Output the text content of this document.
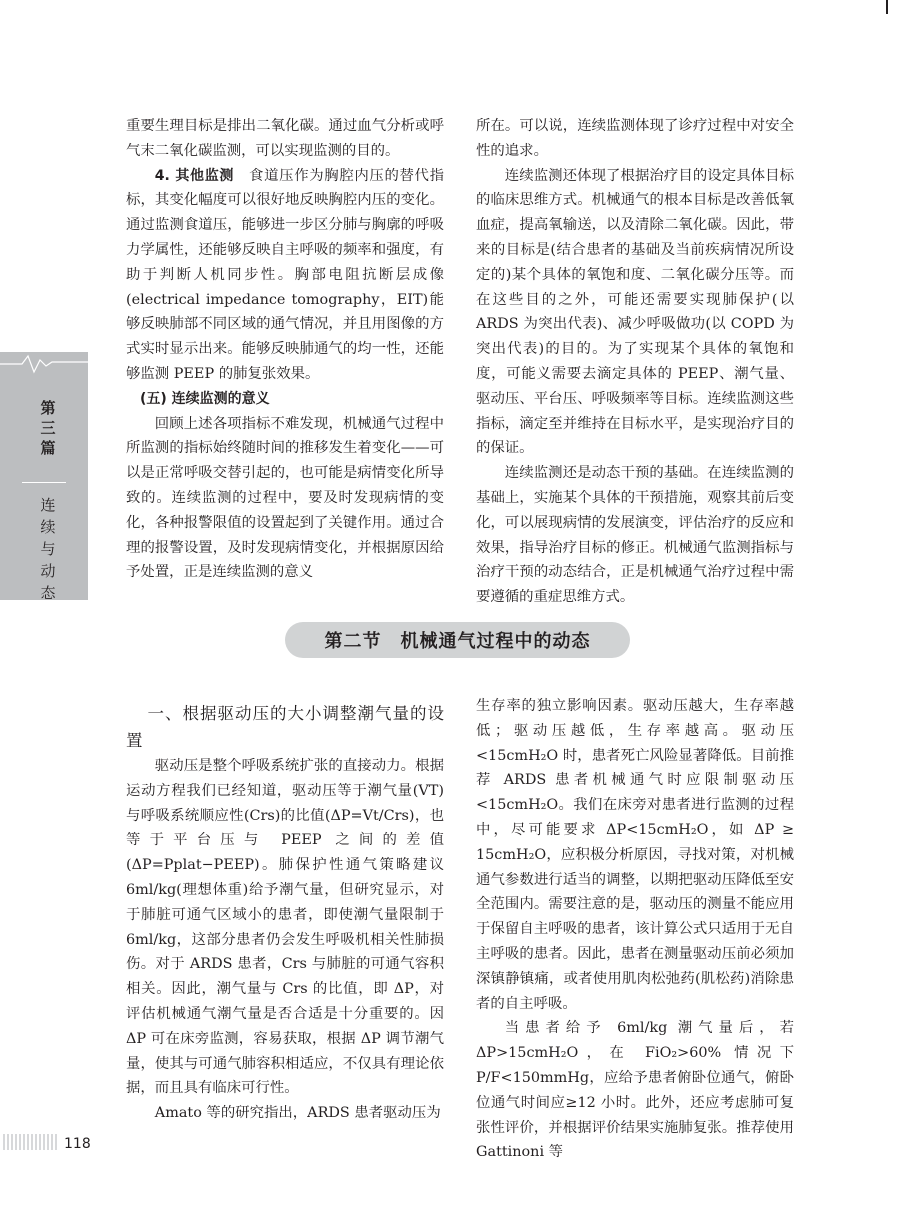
重要生理目标是排出二氧化碳。通过血气分析或呼气末二氧化碳监测，可以实现监测的目的。

4. 其他监测　食道压作为胸腔内压的替代指标，其变化幅度可以很好地反映胸腔内压的变化。通过监测食道压，能够进一步区分肺与胸廓的呼吸力学属性，还能够反映自主呼吸的频率和强度，有助于判断人机同步性。胸部电阻抗断层成像(electrical impedance tomography，EIT)能够反映肺部不同区域的通气情况，并且用图像的方式实时显示出来。能够反映肺通气的均一性，还能够监测 PEEP 的肺复张效果。

(五) 连续监测的意义

回顾上述各项指标不难发现，机械通气过程中所监测的指标始终随时间的推移发生着变化——可以是正常呼吸交替引起的，也可能是病情变化所导致的。连续监测的过程中，要及时发现病情的变化，各种报警限值的设置起到了关键作用。通过合理的报警设置，及时发现病情变化，并根据原因给予处置，正是连续监测的意义

所在。可以说，连续监测体现了诊疗过程中对安全性的追求。

连续监测还体现了根据治疗目的设定具体目标的临床思维方式。机械通气的根本目标是改善低氧血症，提高氧输送，以及清除二氧化碳。因此，带来的目标是(结合患者的基础及当前疾病情况所设定的)某个具体的氧饱和度、二氧化碳分压等。而在这些目的之外，可能还需要实现肺保护(以 ARDS 为突出代表)、减少呼吸做功(以 COPD 为突出代表)的目的。为了实现某个具体的氧饱和度，可能义需要去滴定具体的 PEEP、潮气量、驱动压、平台压、呼吸频率等目标。连续监测这些指标，滴定至并维持在目标水平，是实现治疗目的的保证。

连续监测还是动态干预的基础。在连续监测的基础上，实施某个具体的干预措施，观察其前后变化，可以展现病情的发展演变，评估治疗的反应和效果，指导治疗目标的修正。机械通气监测指标与治疗干预的动态结合，正是机械通气治疗过程中需要遵循的重症思维方式。

第二节　机械通气过程中的动态

一、根据驱动压的大小调整潮气量的设置

驱动压是整个呼吸系统扩张的直接动力。根据运动方程我们已经知道，驱动压等于潮气量(VT)与呼吸系统顺应性(Crs)的比值(ΔP=Vt/Crs)，也等于平台压与 PEEP 之间的差值(ΔP=Pplat−PEEP)。肺保护性通气策略建议 6ml/kg(理想体重)给予潮气量，但研究显示，对于肺脏可通气区域小的患者，即使潮气量限制于 6ml/kg，这部分患者仍会发生呼吸机相关性肺损伤。对于 ARDS 患者，Crs 与肺脏的可通气容积相关。因此，潮气量与 Crs 的比值，即 ΔP，对评估机械通气潮气量是否合适是十分重要的。因 ΔP 可在床旁监测，容易获取，根据 ΔP 调节潮气量，使其与可通气肺容积相适应，不仅具有理论依据，而且具有临床可行性。

Amato 等的研究指出，ARDS 患者驱动压为

生存率的独立影响因素。驱动压越大，生存率越低；驱动压越低，生存率越高。驱动压<15cmH₂O 时，患者死亡风险显著降低。目前推荐 ARDS 患者机械通气时应限制驱动压<15cmH₂O。我们在床旁对患者进行监测的过程中，尽可能要求 ΔP<15cmH₂O，如 ΔP ≥ 15cmH₂O，应积极分析原因，寻找对策，对机械通气参数进行适当的调整，以期把驱动压降低至安全范围内。需要注意的是，驱动压的测量不能应用于保留自主呼吸的患者，该计算公式只适用于无自主呼吸的患者。因此，患者在测量驱动压前必须加深镇静镇痛，或者使用肌肉松弛药(肌松药)消除患者的自主呼吸。

当患者给予 6ml/kg 潮气量后，若 ΔP>15cmH₂O，在 FiO₂>60% 情况下 P/F<150mmHg，应给予患者俯卧位通气，俯卧位通气时间应≥12 小时。此外，还应考虑肺可复张性评价，并根据评价结果实施肺复张。推荐使用 Gattinoni 等

第三篇
连续与动态
118
